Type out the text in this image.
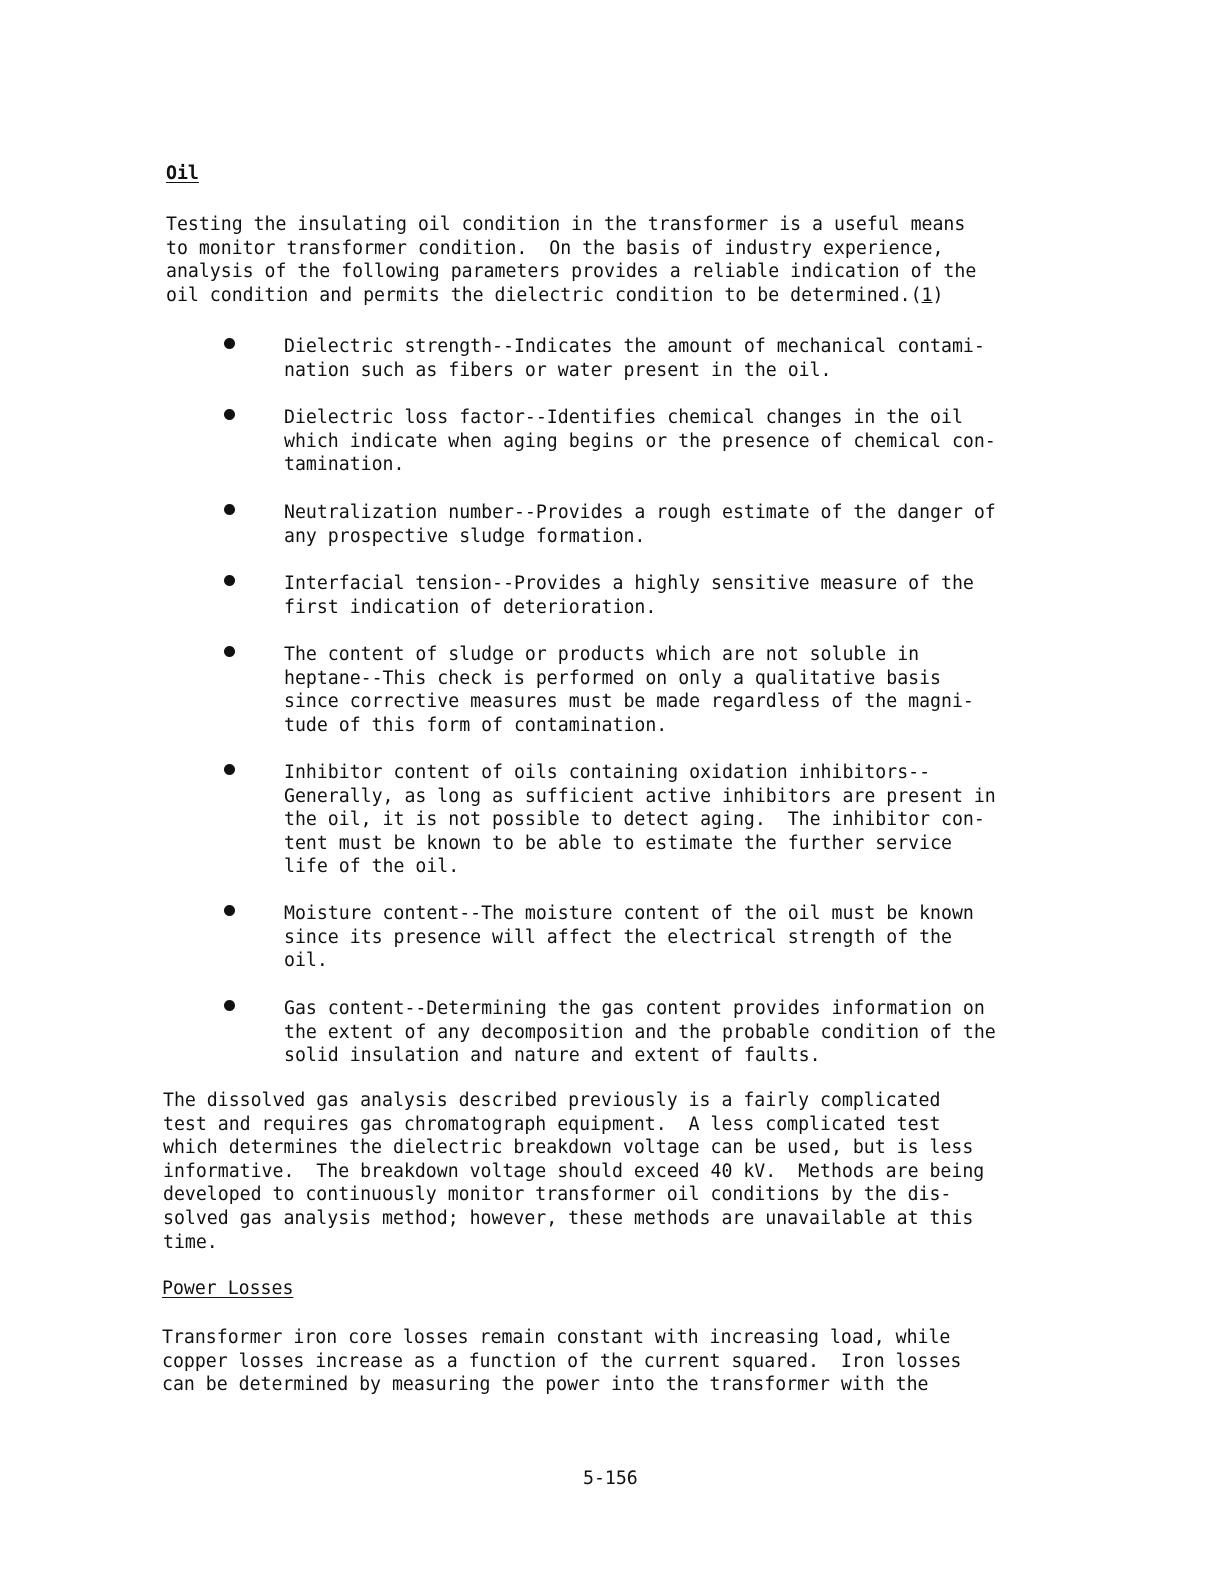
Oil
Testing the insulating oil condition in the transformer is a useful means
to monitor transformer condition.  On the basis of industry experience,
analysis of the following parameters provides a reliable indication of the
oil condition and permits the dielectric condition to be determined.(1)
Dielectric strength--Indicates the amount of mechanical contami-
nation such as fibers or water present in the oil.
Dielectric loss factor--Identifies chemical changes in the oil
which indicate when aging begins or the presence of chemical con-
tamination.
Neutralization number--Provides a rough estimate of the danger of
any prospective sludge formation.
Interfacial tension--Provides a highly sensitive measure of the
first indication of deterioration.
The content of sludge or products which are not soluble in
heptane--This check is performed on only a qualitative basis
since corrective measures must be made regardless of the magni-
tude of this form of contamination.
Inhibitor content of oils containing oxidation inhibitors--
Generally, as long as sufficient active inhibitors are present in
the oil, it is not possible to detect aging.  The inhibitor con-
tent must be known to be able to estimate the further service
life of the oil.
Moisture content--The moisture content of the oil must be known
since its presence will affect the electrical strength of the
oil.
Gas content--Determining the gas content provides information on
the extent of any decomposition and the probable condition of the
solid insulation and nature and extent of faults.
The dissolved gas analysis described previously is a fairly complicated
test and requires gas chromatograph equipment.  A less complicated test
which determines the dielectric breakdown voltage can be used, but is less
informative.  The breakdown voltage should exceed 40 kV.  Methods are being
developed to continuously monitor transformer oil conditions by the dis-
solved gas analysis method; however, these methods are unavailable at this
time.
Power Losses
Transformer iron core losses remain constant with increasing load, while
copper losses increase as a function of the current squared.  Iron losses
can be determined by measuring the power into the transformer with the
5-156
